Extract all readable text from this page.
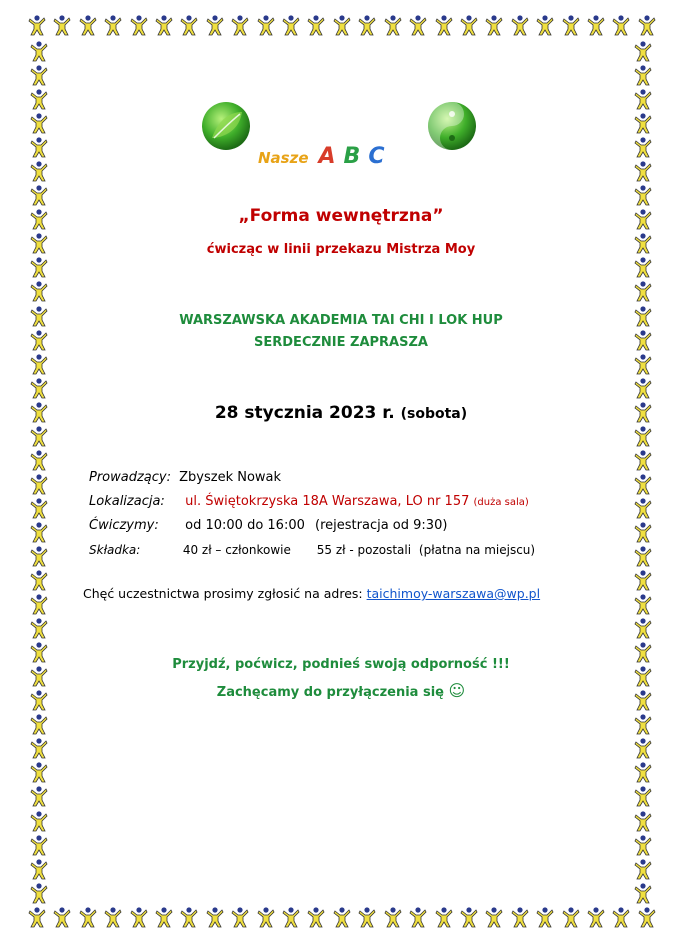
Nasze A B C
„Forma wewnętrzna”
ćwicząc w linii przekazu Mistrza Moy
WARSZAWSKA AKADEMIA TAI CHI I LOK HUP
SERDECZNIE ZAPRASZA
28 stycznia 2023 r. (sobota)
Prowadzący: Zbyszek Nowak
Lokalizacja: ul. Świętokrzyska 18A Warszawa, LO nr 157 (duża sala)
Ćwiczymy: od 10:00 do 16:00 (rejestracja od 9:30)
Składka:	40 zł – członkowie 55 zł - pozostali (płatna na miejscu)
Chęć uczestnictwa prosimy zgłosić na adres: taichimoy-warszawa@wp.pl
Przyjdź, poćwicz, podnieś swoją odporność !!!
Zachęcamy do przyłączenia się ☺
